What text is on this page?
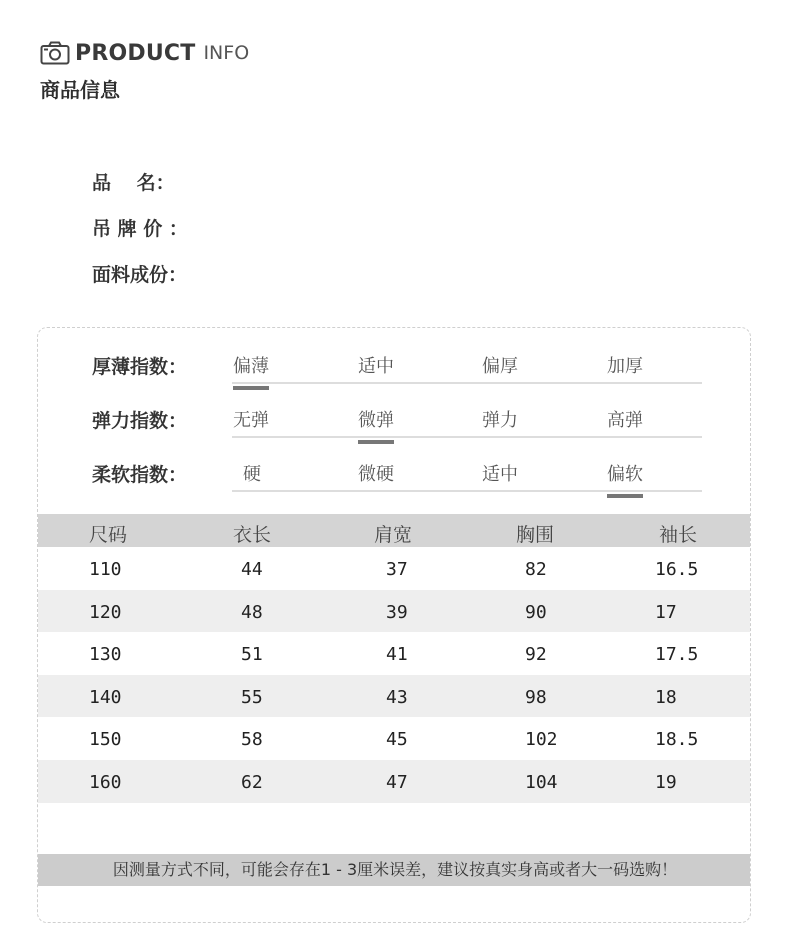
PRODUCT INFO
商品信息
品　 名：
吊 牌 价 ：
面料成份：
厚薄指数：	偏薄	适中	偏厚	加厚
弹力指数：	无弹	微弹	弹力	高弹
柔软指数：	硬	微硬	适中	偏软
尺码	衣长	肩宽	胸围	袖长
110	44	37	82	16.5
120	48	39	90	17
130	51	41	92	17.5
140	55	43	98	18
150	58	45	102	18.5
160	62	47	104	19
因测量方式不同，可能会存在1 - 3厘米误差，建议按真实身高或者大一码选购！
